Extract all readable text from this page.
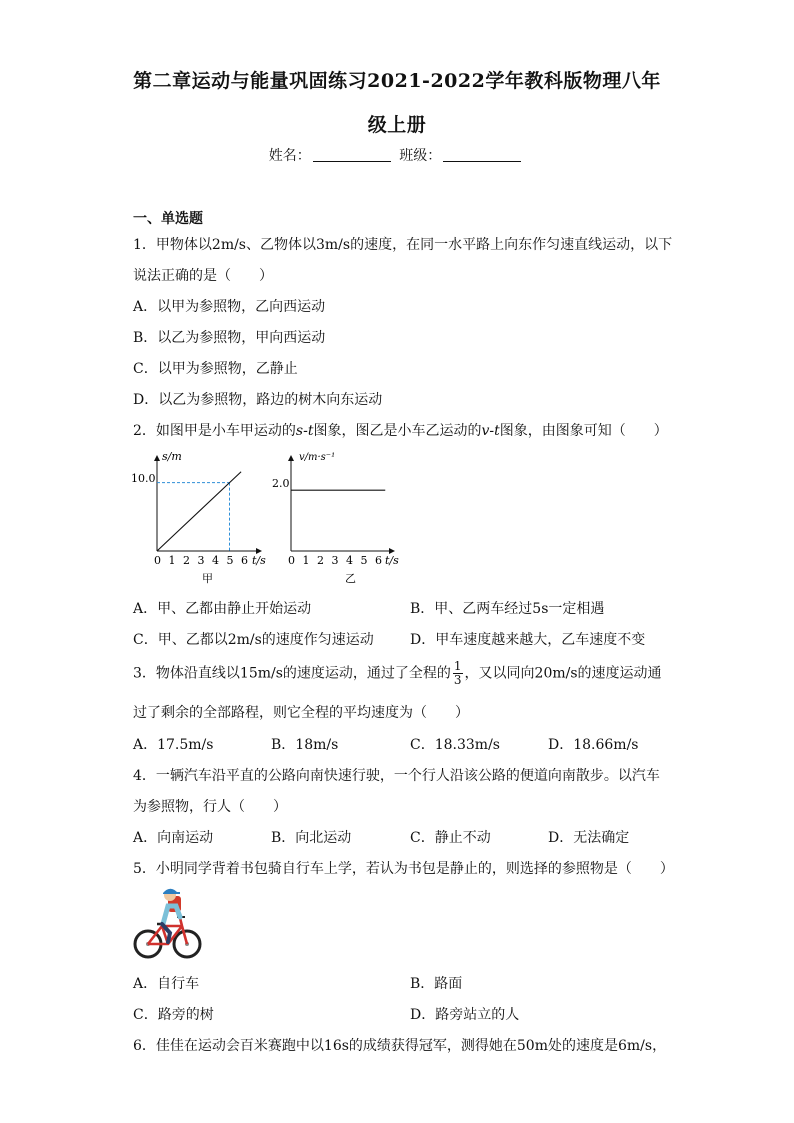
第二章运动与能量巩固练习2021-2022学年教科版物理八年
级上册
姓名：	班级：
一、单选题
1．甲物体以2m/s、乙物体以3m/s的速度，在同一水平路上向东作匀速直线运动，以下
说法正确的是（　　）
A．以甲为参照物，乙向西运动
B．以乙为参照物，甲向西运动
C．以甲为参照物，乙静止
D．以乙为参照物，路边的树木向东运动
2．如图甲是小车甲运动的s-t图象，图乙是小车乙运动的v-t图象，由图象可知（　　）
s/m
t/s
10.0
0 1 2 3 4 5 6
甲
v/m·s⁻¹
t/s
2.0
0 1 2 3 4 5 6
乙
A．甲、乙都由静止开始运动	B．甲、乙两车经过5s一定相遇
C．甲、乙都以2m/s的速度作匀速运动	D．甲车速度越来越大，乙车速度不变
3．物体沿直线以15m/s的速度运动，通过了全程的 $\frac{1}{3}$ ，又以同向20m/s的速度运动通
过了剩余的全部路程，则它全程的平均速度为（　　）
A．17.5m/s	B．18m/s	C．18.33m/s	D．18.66m/s
4．一辆汽车沿平直的公路向南快速行驶，一个行人沿该公路的便道向南散步。以汽车
为参照物，行人（　　）
A．向南运动	B．向北运动	C．静止不动	D．无法确定
5．小明同学背着书包骑自行车上学，若认为书包是静止的，则选择的参照物是（　　）
A．自行车	B．路面
C．路旁的树	D．路旁站立的人
6．佳佳在运动会百米赛跑中以16s的成绩获得冠军，测得她在50m处的速度是6m/s，
